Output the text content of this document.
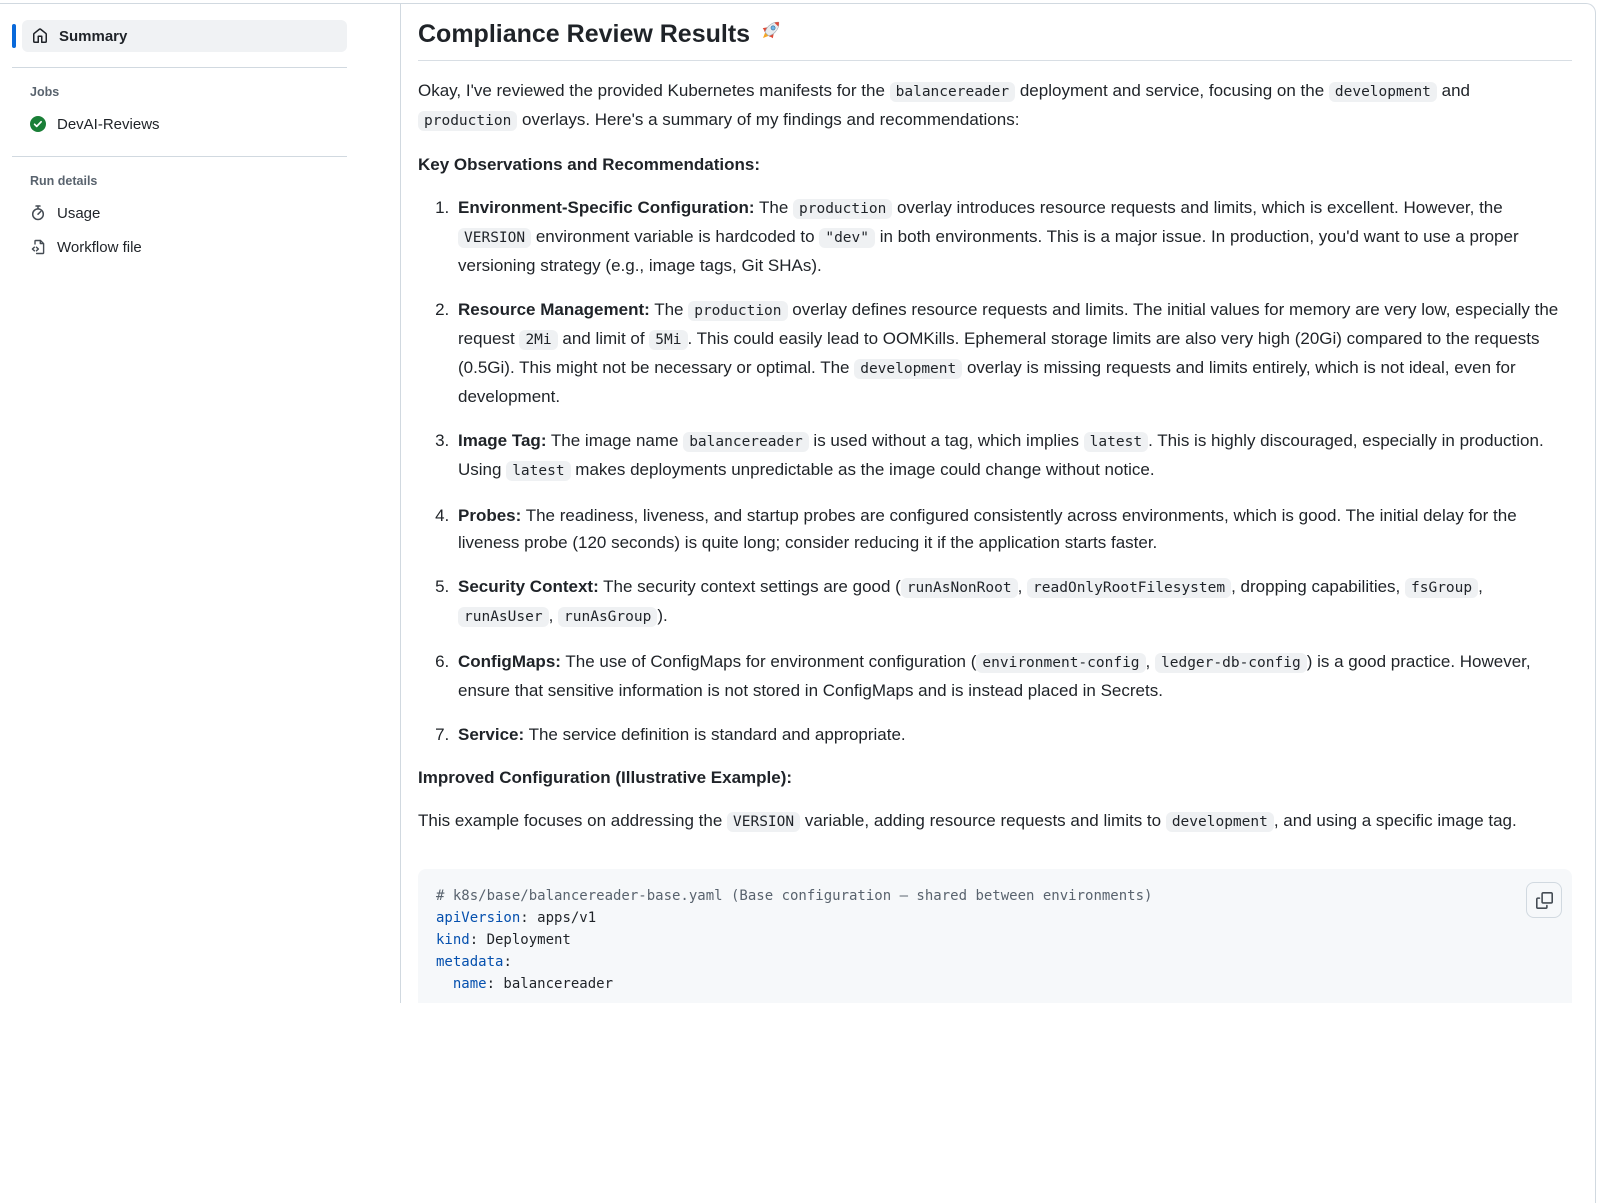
Summary
Jobs
DevAI-Reviews
Run details
Usage
Workflow file
Compliance Review Results

Okay, I've reviewed the provided Kubernetes manifests for the balancereader deployment and service, focusing on the development and production overlays. Here's a summary of my findings and recommendations:

Key Observations and Recommendations:

1. Environment-Specific Configuration: The production overlay introduces resource requests and limits, which is excellent. However, the VERSION environment variable is hardcoded to "dev" in both environments. This is a major issue. In production, you'd want to use a proper versioning strategy (e.g., image tags, Git SHAs).
2. Resource Management: The production overlay defines resource requests and limits. The initial values for memory are very low, especially the request 2Mi and limit of 5Mi . This could easily lead to OOMKills. Ephemeral storage limits are also very high (20Gi) compared to the requests (0.5Gi). This might not be necessary or optimal. The development overlay is missing requests and limits entirely, which is not ideal, even for development.
3. Image Tag: The image name balancereader is used without a tag, which implies latest . This is highly discouraged, especially in production. Using latest makes deployments unpredictable as the image could change without notice.
4. Probes: The readiness, liveness, and startup probes are configured consistently across environments, which is good. The initial delay for the liveness probe (120 seconds) is quite long; consider reducing it if the application starts faster.
5. Security Context: The security context settings are good ( runAsNonRoot , readOnlyRootFilesystem , dropping capabilities, fsGroup , runAsUser , runAsGroup ).
6. ConfigMaps: The use of ConfigMaps for environment configuration ( environment-config , ledger-db-config ) is a good practice. However, ensure that sensitive information is not stored in ConfigMaps and is instead placed in Secrets.
7. Service: The service definition is standard and appropriate.

Improved Configuration (Illustrative Example):

This example focuses on addressing the VERSION variable, adding resource requests and limits to development , and using a specific image tag.

# k8s/base/balancereader-base.yaml (Base configuration — shared between environments)
apiVersion: apps/v1
kind: Deployment
metadata:
name: balancereader
